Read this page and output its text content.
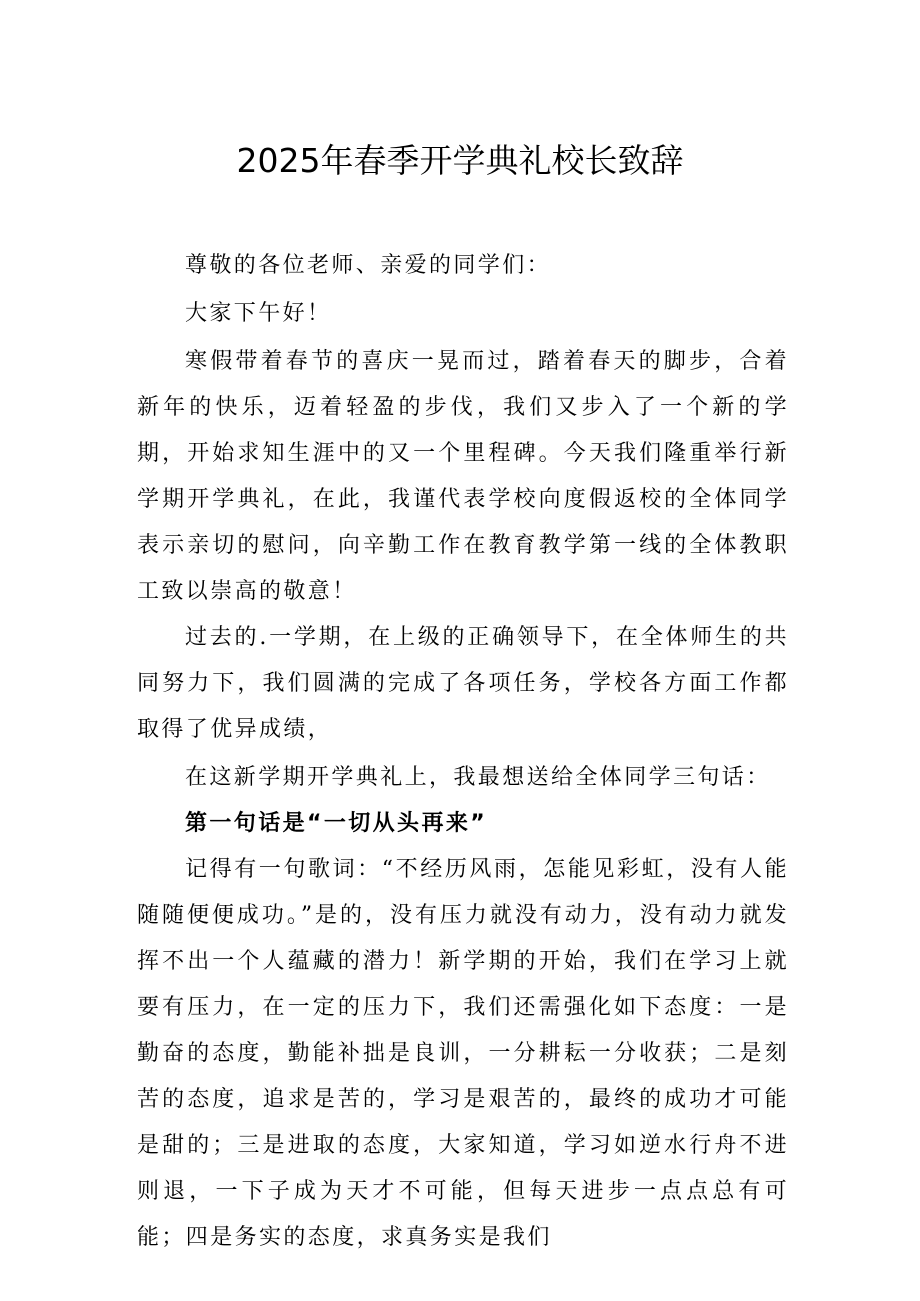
2025年春季开学典礼校长致辞

尊敬的各位老师、亲爱的同学们：

大家下午好！

寒假带着春节的喜庆一晃而过，踏着春天的脚步，合着新年的快乐，迈着轻盈的步伐，我们又步入了一个新的学期，开始求知生涯中的又一个里程碑。今天我们隆重举行新学期开学典礼，在此，我谨代表学校向度假返校的全体同学表示亲切的慰问，向辛勤工作在教育教学第一线的全体教职工致以崇高的敬意！

过去的.一学期，在上级的正确领导下，在全体师生的共同努力下，我们圆满的完成了各项任务，学校各方面工作都取得了优异成绩，

在这新学期开学典礼上，我最想送给全体同学三句话：

第一句话是“一切从头再来”

记得有一句歌词：“不经历风雨，怎能见彩虹，没有人能随随便便成功。”是的，没有压力就没有动力，没有动力就发挥不出一个人蕴藏的潜力！新学期的开始，我们在学习上就要有压力，在一定的压力下，我们还需强化如下态度：一是勤奋的态度，勤能补拙是良训，一分耕耘一分收获；二是刻苦的态度，追求是苦的，学习是艰苦的，最终的成功才可能是甜的；三是进取的态度，大家知道，学习如逆水行舟不进则退，一下子成为天才不可能，但每天进步一点点总有可能；四是务实的态度，求真务实是我们
